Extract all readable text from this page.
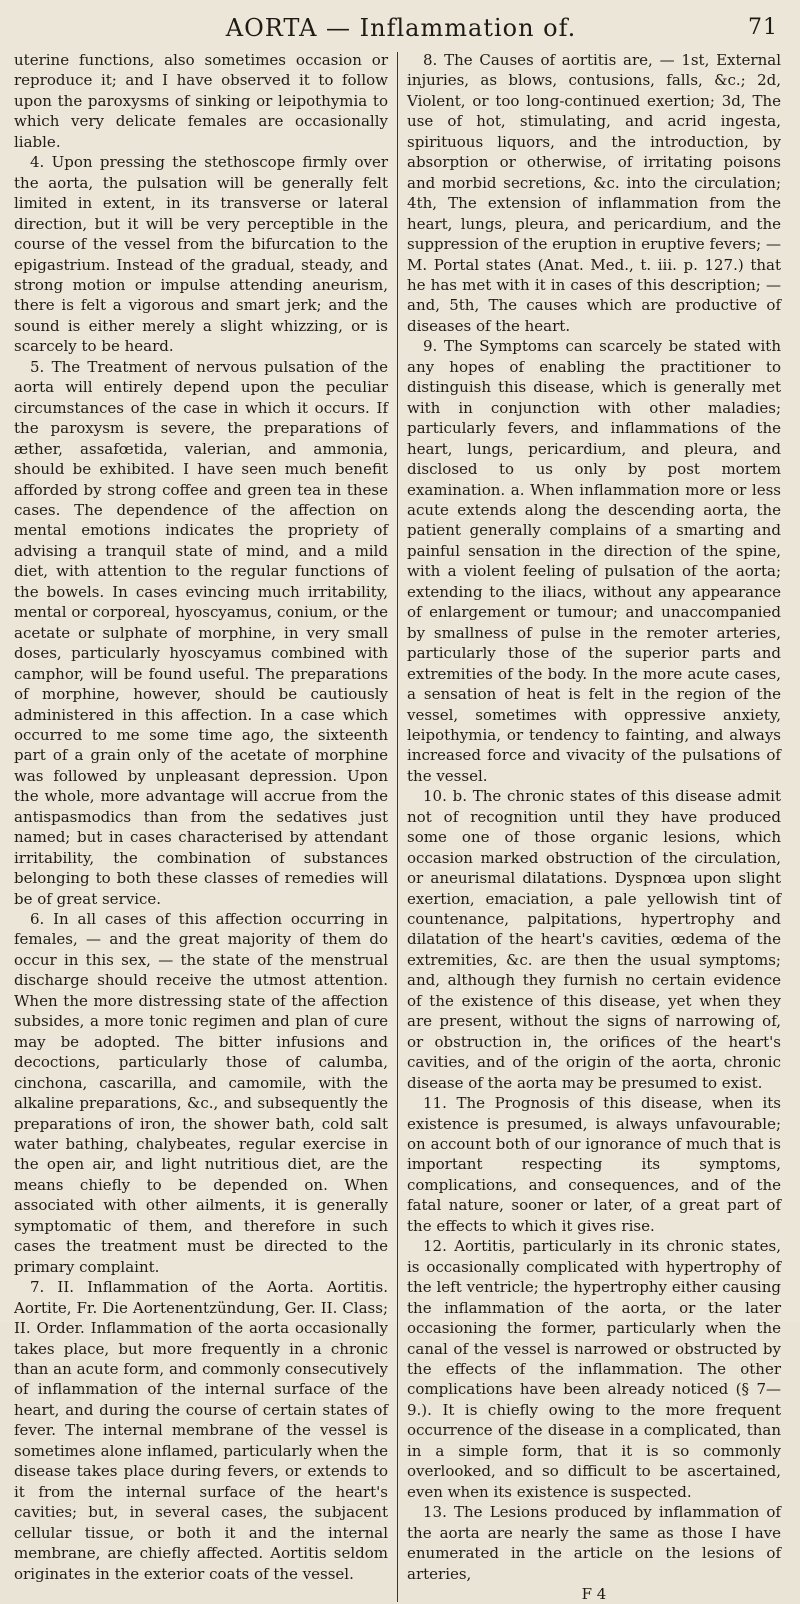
AORTA — Inflammation of.	71

uterine functions, also sometimes occasion or reproduce it; and I have observed it to follow upon the paroxysms of sinking or leipothymia to which very delicate females are occasionally liable.

4. Upon pressing the stethoscope firmly over the aorta, the pulsation will be generally felt limited in extent, in its transverse or lateral direction, but it will be very perceptible in the course of the vessel from the bifurcation to the epigastrium. Instead of the gradual, steady, and strong motion or impulse attending aneurism, there is felt a vigorous and smart jerk; and the sound is either merely a slight whizzing, or is scarcely to be heard.

5. The Treatment of nervous pulsation of the aorta will entirely depend upon the peculiar circumstances of the case in which it occurs. If the paroxysm is severe, the preparations of æther, assafœtida, valerian, and ammonia, should be exhibited. I have seen much benefit afforded by strong coffee and green tea in these cases. The dependence of the affection on mental emotions indicates the propriety of advising a tranquil state of mind, and a mild diet, with attention to the regular functions of the bowels. In cases evincing much irritability, mental or corporeal, hyoscyamus, conium, or the acetate or sulphate of morphine, in very small doses, particularly hyoscyamus combined with camphor, will be found useful. The preparations of morphine, however, should be cautiously administered in this affection. In a case which occurred to me some time ago, the sixteenth part of a grain only of the acetate of morphine was followed by unpleasant depression. Upon the whole, more advantage will accrue from the antispasmodics than from the sedatives just named; but in cases characterised by attendant irritability, the combination of substances belonging to both these classes of remedies will be of great service.

6. In all cases of this affection occurring in females, — and the great majority of them do occur in this sex, — the state of the menstrual discharge should receive the utmost attention. When the more distressing state of the affection subsides, a more tonic regimen and plan of cure may be adopted. The bitter infusions and decoctions, particularly those of calumba, cinchona, cascarilla, and camomile, with the alkaline preparations, &c., and subsequently the preparations of iron, the shower bath, cold salt water bathing, chalybeates, regular exercise in the open air, and light nutritious diet, are the means chiefly to be depended on. When associated with other ailments, it is generally symptomatic of them, and therefore in such cases the treatment must be directed to the primary complaint.

7. II. Inflammation of the Aorta. Aortitis. Aortite, Fr. Die Aortenentzündung, Ger. II. Class; II. Order. Inflammation of the aorta occasionally takes place, but more frequently in a chronic than an acute form, and commonly consecutively of inflammation of the internal surface of the heart, and during the course of certain states of fever. The internal membrane of the vessel is sometimes alone inflamed, particularly when the disease takes place during fevers, or extends to it from the internal surface of the heart's cavities; but, in several cases, the subjacent cellular tissue, or both it and the internal membrane, are chiefly affected. Aortitis seldom originates in the exterior coats of the vessel.

8. The Causes of aortitis are, — 1st, External injuries, as blows, contusions, falls, &c.; 2d, Violent, or too long-continued exertion; 3d, The use of hot, stimulating, and acrid ingesta, spirituous liquors, and the introduction, by absorption or otherwise, of irritating poisons and morbid secretions, &c. into the circulation; 4th, The extension of inflammation from the heart, lungs, pleura, and pericardium, and the suppression of the eruption in eruptive fevers; — M. Portal states (Anat. Med., t. iii. p. 127.) that he has met with it in cases of this description; — and, 5th, The causes which are productive of diseases of the heart.

9. The Symptoms can scarcely be stated with any hopes of enabling the practitioner to distinguish this disease, which is generally met with in conjunction with other maladies; particularly fevers, and inflammations of the heart, lungs, pericardium, and pleura, and disclosed to us only by post mortem examination. a. When inflammation more or less acute extends along the descending aorta, the patient generally complains of a smarting and painful sensation in the direction of the spine, with a violent feeling of pulsation of the aorta; extending to the iliacs, without any appearance of enlargement or tumour; and unaccompanied by smallness of pulse in the remoter arteries, particularly those of the superior parts and extremities of the body. In the more acute cases, a sensation of heat is felt in the region of the vessel, sometimes with oppressive anxiety, leipothymia, or tendency to fainting, and always increased force and vivacity of the pulsations of the vessel.

10. b. The chronic states of this disease admit not of recognition until they have produced some one of those organic lesions, which occasion marked obstruction of the circulation, or aneurismal dilatations. Dyspnœa upon slight exertion, emaciation, a pale yellowish tint of countenance, palpitations, hypertrophy and dilatation of the heart's cavities, œdema of the extremities, &c. are then the usual symptoms; and, although they furnish no certain evidence of the existence of this disease, yet when they are present, without the signs of narrowing of, or obstruction in, the orifices of the heart's cavities, and of the origin of the aorta, chronic disease of the aorta may be presumed to exist.

11. The Prognosis of this disease, when its existence is presumed, is always unfavourable; on account both of our ignorance of much that is important respecting its symptoms, complications, and consequences, and of the fatal nature, sooner or later, of a great part of the effects to which it gives rise.

12. Aortitis, particularly in its chronic states, is occasionally complicated with hypertrophy of the left ventricle; the hypertrophy either causing the inflammation of the aorta, or the later occasioning the former, particularly when the canal of the vessel is narrowed or obstructed by the effects of the inflammation. The other complications have been already noticed (§ 7—9.). It is chiefly owing to the more frequent occurrence of the disease in a complicated, than in a simple form, that it is so commonly overlooked, and so difficult to be ascertained, even when its existence is suspected.

13. The Lesions produced by inflammation of the aorta are nearly the same as those I have enumerated in the article on the lesions of arteries,

F 4
